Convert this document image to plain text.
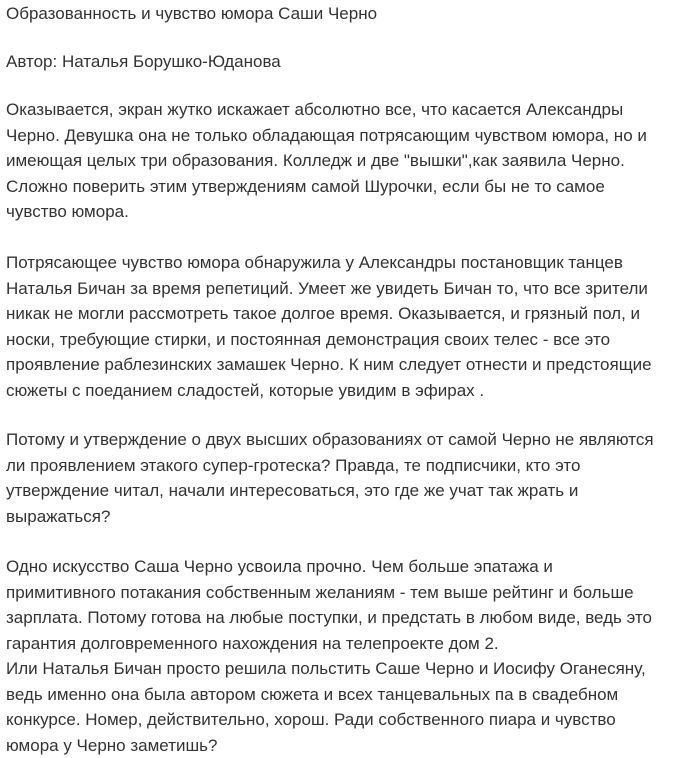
Образованность и чувство юмора Саши Черно

Автор: Наталья Борушко-Юданова

Оказывается, экран жутко искажает абсолютно все, что касается Александры
Черно. Девушка она не только обладающая потрясающим чувством юмора, но и
имеющая целых три образования. Колледж и две "вышки",как заявила Черно.
Сложно поверить этим утверждениям самой Шурочки, если бы не то самое
чувство юмора.

Потрясающее чувство юмора обнаружила у Александры постановщик танцев
Наталья Бичан за время репетиций. Умеет же увидеть Бичан то, что все зрители
никак не могли рассмотреть такое долгое время. Оказывается, и грязный пол, и
носки, требующие стирки, и постоянная демонстрация своих телес - все это
проявление раблезинских замашек Черно. К ним следует отнести и предстоящие
сюжеты с поеданием сладостей, которые увидим в эфирах .

Потому и утверждение о двух высших образованиях от самой Черно не являются
ли проявлением этакого супер-гротеска? Правда, те подписчики, кто это
утверждение читал, начали интересоваться, это где же учат так жрать и
выражаться?

Одно искусство Саша Черно усвоила прочно. Чем больше эпатажа и
примитивного потакания собственным желаниям - тем выше рейтинг и больше
зарплата. Потому готова на любые поступки, и предстать в любом виде, ведь это
гарантия долговременного нахождения на телепроекте дом 2.
Или Наталья Бичан просто решила польстить Саше Черно и Иосифу Оганесяну,
ведь именно она была автором сюжета и всех танцевальных па в свадебном
конкурсе. Номер, действительно, хорош. Ради собственного пиара и чувство
юмора у Черно заметишь?
